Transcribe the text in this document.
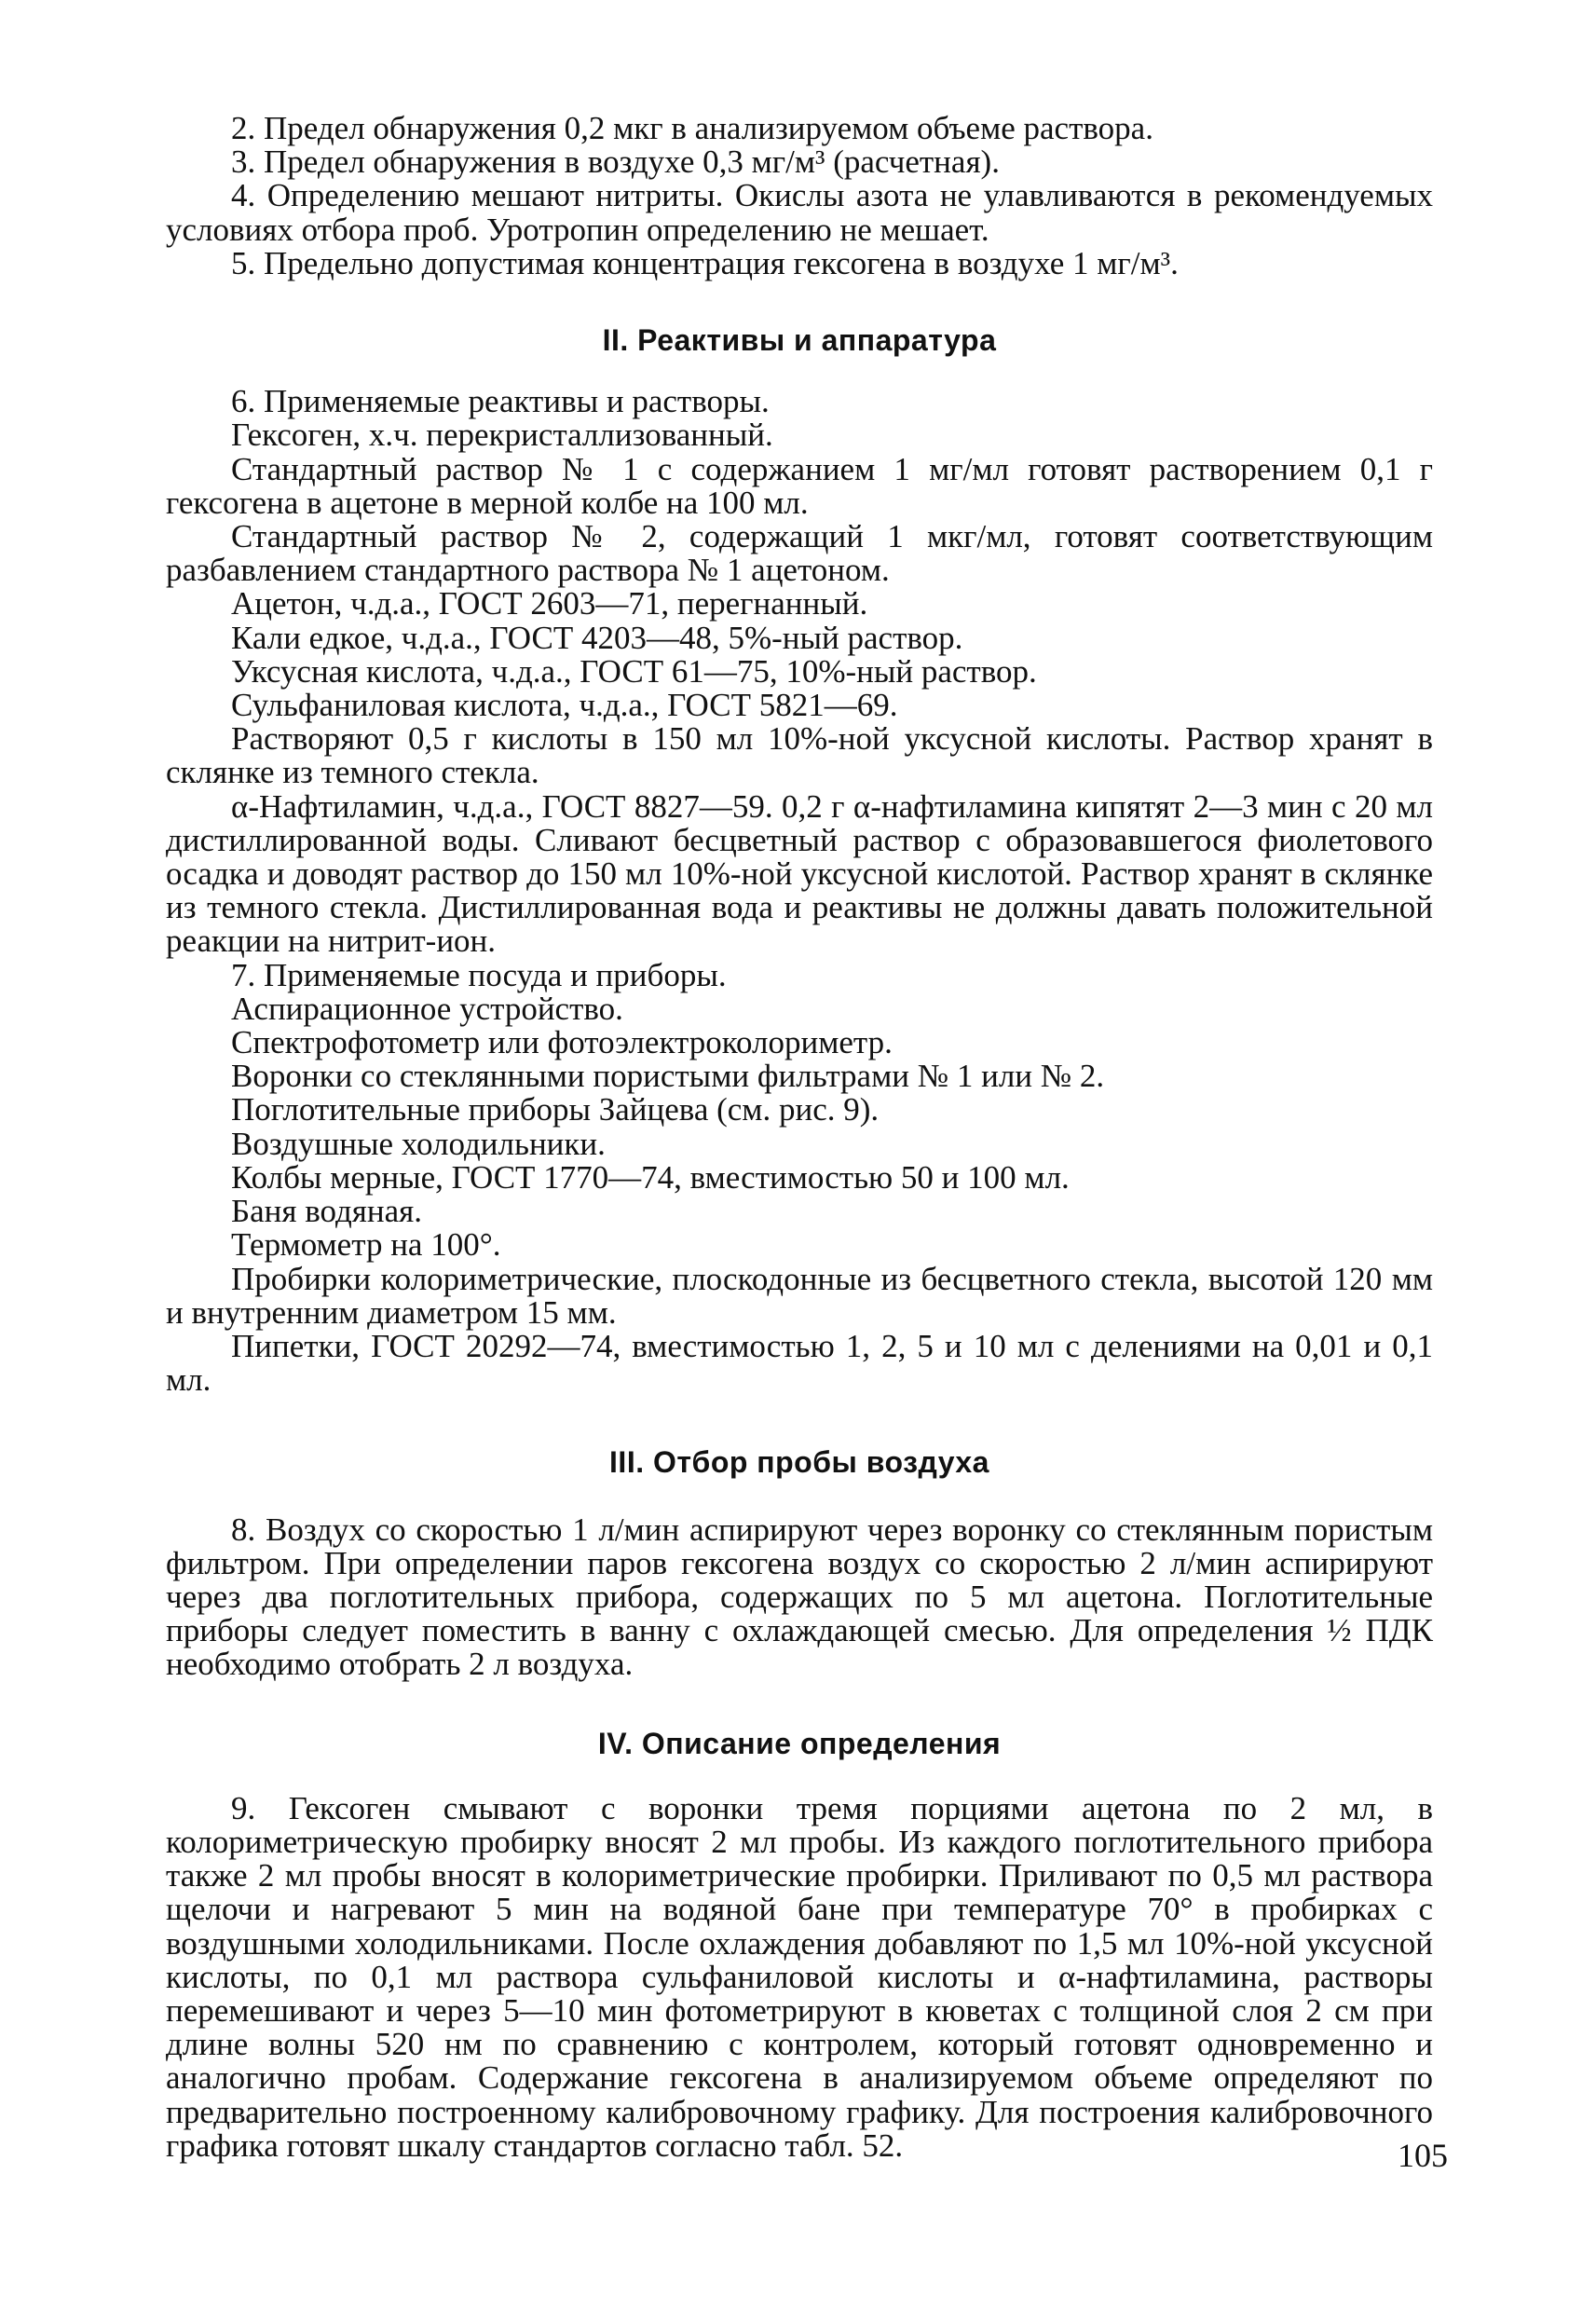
2. Предел обнаружения 0,2 мкг в анализируемом объеме раствора.

3. Предел обнаружения в воздухе 0,3 мг/м³ (расчетная).

4. Определению мешают нитриты. Окислы азота не улавливаются в рекомендуемых условиях отбора проб. Уротропин определению не мешает.

5. Предельно допустимая концентрация гексогена в воздухе 1 мг/м³.

II. Реактивы и аппаратура

6. Применяемые реактивы и растворы.

Гексоген, х.ч. перекристаллизованный.

Стандартный раствор № 1 с содержанием 1 мг/мл готовят растворением 0,1 г гексогена в ацетоне в мерной колбе на 100 мл.

Стандартный раствор № 2, содержащий 1 мкг/мл, готовят соответствующим разбавлением стандартного раствора № 1 ацетоном.

Ацетон, ч.д.а., ГОСТ 2603—71, перегнанный.

Кали едкое, ч.д.а., ГОСТ 4203—48, 5%-ный раствор.

Уксусная кислота, ч.д.а., ГОСТ 61—75, 10%-ный раствор.

Сульфаниловая кислота, ч.д.а., ГОСТ 5821—69.

Растворяют 0,5 г кислоты в 150 мл 10%-ной уксусной кислоты. Раствор хранят в склянке из темного стекла.

α-Нафтиламин, ч.д.а., ГОСТ 8827—59. 0,2 г α-нафтиламина кипятят 2—3 мин с 20 мл дистиллированной воды. Сливают бесцветный раствор с образовавшегося фиолетового осадка и доводят раствор до 150 мл 10%-ной уксусной кислотой. Раствор хранят в склянке из темного стекла. Дистиллированная вода и реактивы не должны давать положительной реакции на нитрит-ион.

7. Применяемые посуда и приборы.

Аспирационное устройство.

Спектрофотометр или фотоэлектроколориметр.

Воронки со стеклянными пористыми фильтрами № 1 или № 2.

Поглотительные приборы Зайцева (см. рис. 9).

Воздушные холодильники.

Колбы мерные, ГОСТ 1770—74, вместимостью 50 и 100 мл.

Баня водяная.

Термометр на 100°.

Пробирки колориметрические, плоскодонные из бесцветного стекла, высотой 120 мм и внутренним диаметром 15 мм.

Пипетки, ГОСТ 20292—74, вместимостью 1, 2, 5 и 10 мл с делениями на 0,01 и 0,1 мл.

III. Отбор пробы воздуха

8. Воздух со скоростью 1 л/мин аспирируют через воронку со стеклянным пористым фильтром. При определении паров гексогена воздух со скоростью 2 л/мин аспирируют через два поглотительных прибора, содержащих по 5 мл ацетона. Поглотительные приборы следует поместить в ванну с охлаждающей смесью. Для определения ½ ПДК необходимо отобрать 2 л воздуха.

IV. Описание определения

9. Гексоген смывают с воронки тремя порциями ацетона по 2 мл, в колориметрическую пробирку вносят 2 мл пробы. Из каждого поглотительного прибора также 2 мл пробы вносят в колориметрические пробирки. Приливают по 0,5 мл раствора щелочи и нагревают 5 мин на водяной бане при температуре 70° в пробирках с воздушными холодильниками. После охлаждения добавляют по 1,5 мл 10%-ной уксусной кислоты, по 0,1 мл раствора сульфаниловой кислоты и α-нафтиламина, растворы перемешивают и через 5—10 мин фотометрируют в кюветах с толщиной слоя 2 см при длине волны 520 нм по сравнению с контролем, который готовят одновременно и аналогично пробам. Содержание гексогена в анализируемом объеме определяют по предварительно построенному калибровочному графику. Для построения калибровочного графика готовят шкалу стандартов согласно табл. 52.	105
